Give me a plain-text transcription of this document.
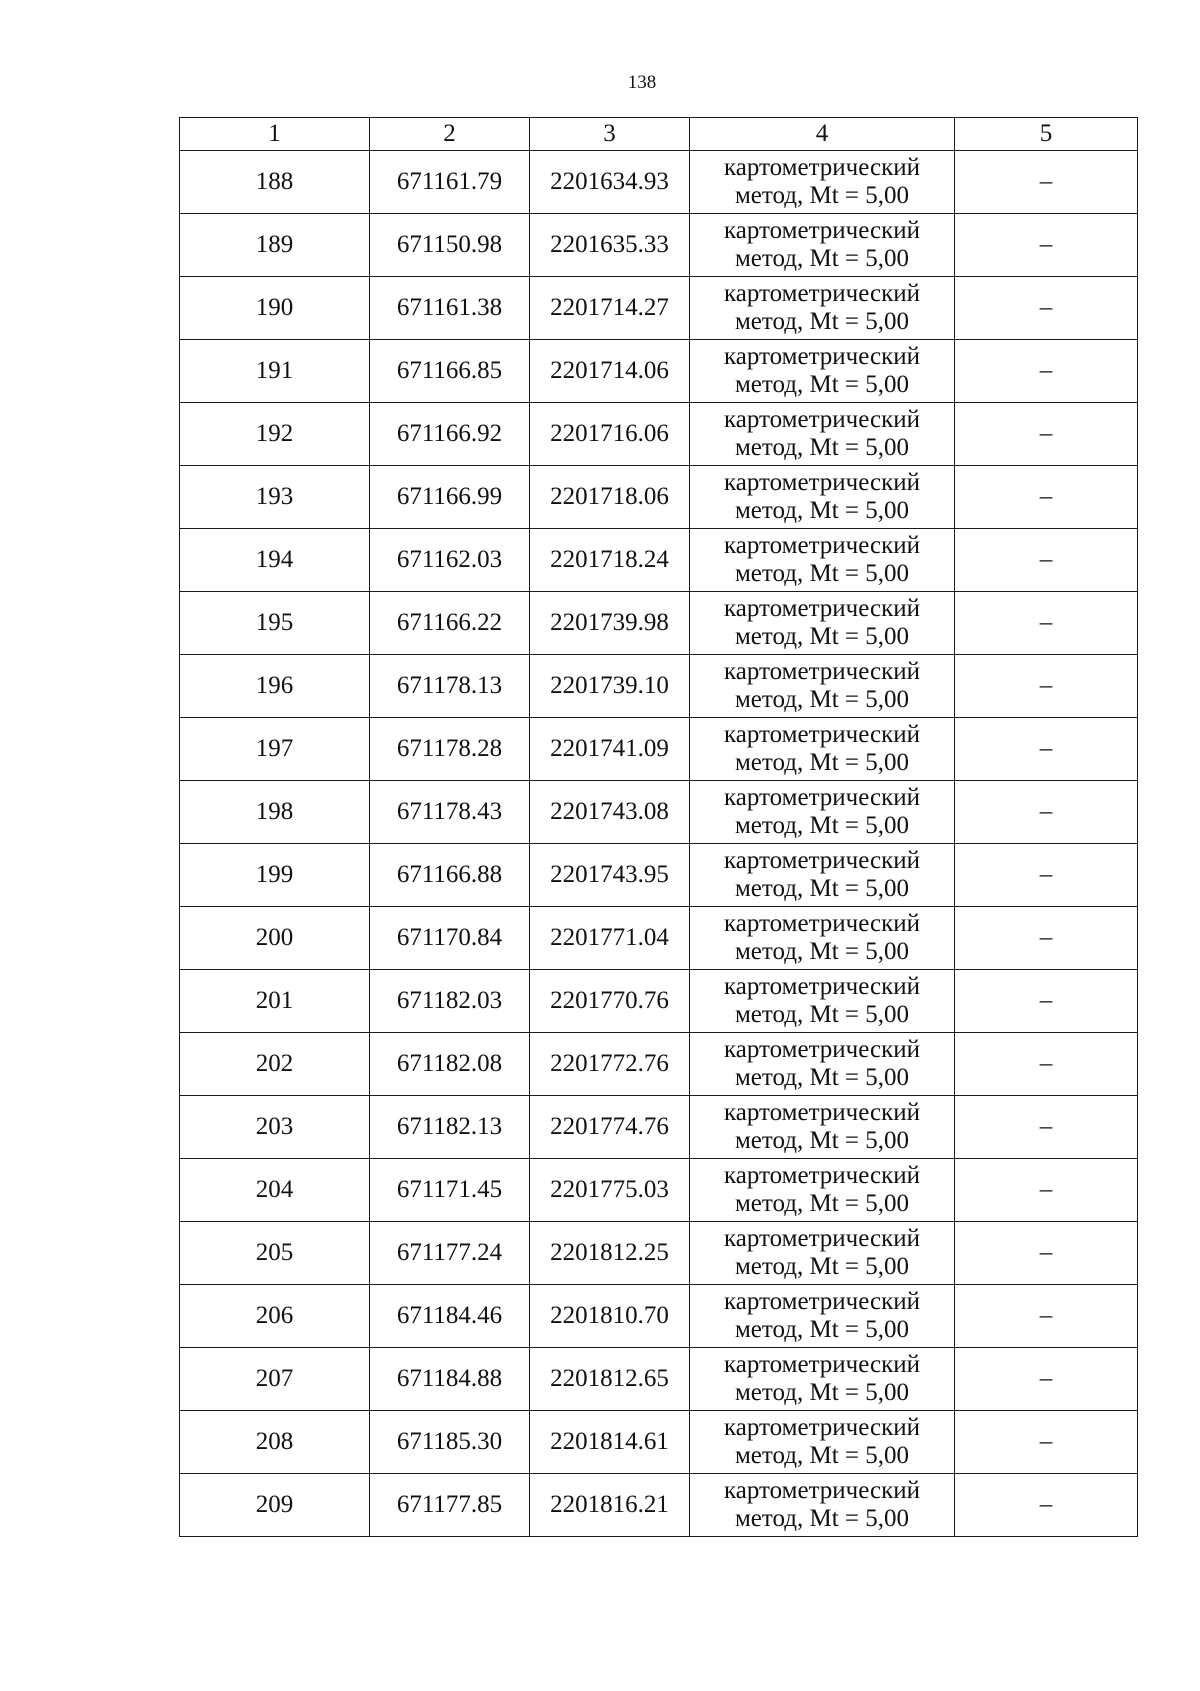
138
1	2	3	4	5
188	671161.79	2201634.93	картометрический
метод, Mt = 5,00	–
189	671150.98	2201635.33	картометрический
метод, Mt = 5,00	–
190	671161.38	2201714.27	картометрический
метод, Mt = 5,00	–
191	671166.85	2201714.06	картометрический
метод, Mt = 5,00	–
192	671166.92	2201716.06	картометрический
метод, Mt = 5,00	–
193	671166.99	2201718.06	картометрический
метод, Mt = 5,00	–
194	671162.03	2201718.24	картометрический
метод, Mt = 5,00	–
195	671166.22	2201739.98	картометрический
метод, Mt = 5,00	–
196	671178.13	2201739.10	картометрический
метод, Mt = 5,00	–
197	671178.28	2201741.09	картометрический
метод, Mt = 5,00	–
198	671178.43	2201743.08	картометрический
метод, Mt = 5,00	–
199	671166.88	2201743.95	картометрический
метод, Mt = 5,00	–
200	671170.84	2201771.04	картометрический
метод, Mt = 5,00	–
201	671182.03	2201770.76	картометрический
метод, Mt = 5,00	–
202	671182.08	2201772.76	картометрический
метод, Mt = 5,00	–
203	671182.13	2201774.76	картометрический
метод, Mt = 5,00	–
204	671171.45	2201775.03	картометрический
метод, Mt = 5,00	–
205	671177.24	2201812.25	картометрический
метод, Mt = 5,00	–
206	671184.46	2201810.70	картометрический
метод, Mt = 5,00	–
207	671184.88	2201812.65	картометрический
метод, Mt = 5,00	–
208	671185.30	2201814.61	картометрический
метод, Mt = 5,00	–
209	671177.85	2201816.21	картометрический
метод, Mt = 5,00	–
